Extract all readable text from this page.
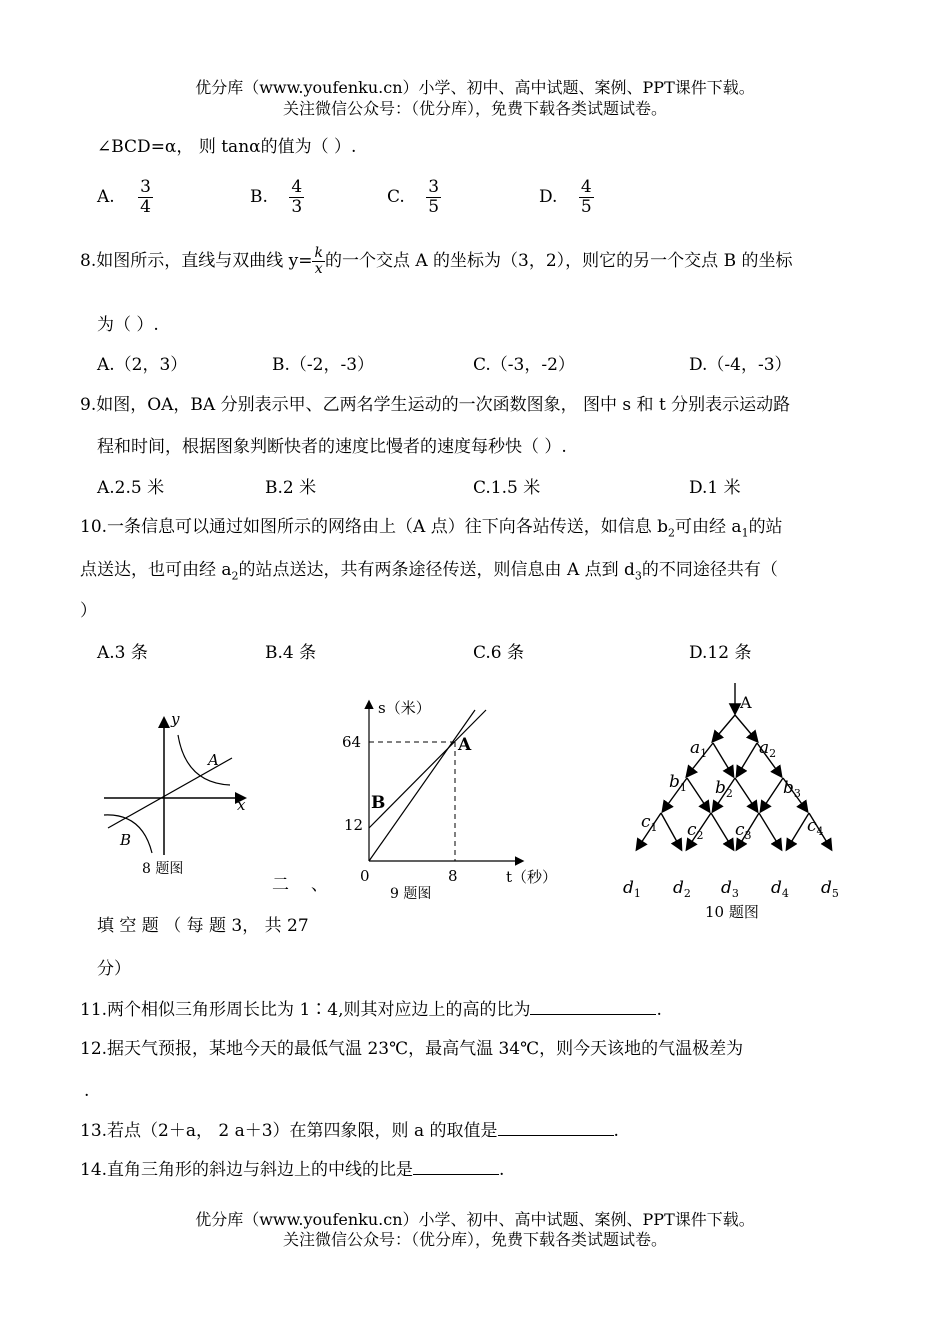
优分库（www.youfenku.cn）小学、初中、高中试题、案例、PPT课件下载。
关注微信公众号：（优分库），免费下载各类试题试卷。
∠BCD=α， 则 tanα的值为（ ）.
A. $\frac{3}{4}$	B. $\frac{4}{3}$	C. $\frac{3}{5}$	D. $\frac{4}{5}$
8.如图所示，直线与双曲线 $y= \frac{k}{x}$ 的一个交点 A 的坐标为（3，2），则它的另一个交点 B 的坐标
为（ ）.
A.（2，3）	B.（-2，-3）	C.（-3，-2）	D.（-4，-3）
9.如图，OA，BA 分别表示甲、乙两名学生运动的一次函数图象， 图中 s 和 t 分别表示运动路
程和时间，根据图象判断快者的速度比慢者的速度每秒快（ ）.
A.2.5 米	B.2 米	C.1.5 米	D.1 米
10.一条信息可以通过如图所示的网络由上（A 点）往下向各站传送，如信息 $b_2$可由经 $a_1$的站
点送达，也可由经 $a_2$的站点送达，共有两条途径传送，则信息由 A 点到 $d_3$的不同途径共有（
）
A.3 条	B.4 条	C.6 条	D.12 条
y
x
A
B
8 题图
s（米）
t（秒）
0
64
12
8
A
B
9 题图
二 、
A
$a_1$	$a_2$
$b_1$ $b_2$	$b_3$
$c_1$ $c_2$ $c_3$	$c_4$
$d_1$ $d_2$ $d_3$ $d_4$ $d_5$
10 题图
填 空 题 （ 每 题 3， 共 27
分）
11.两个相似三角形周长比为 1∶4,则其对应边上的高的比为	.
12.据天气预报，某地今天的最低气温 23℃，最高气温 34℃，则今天该地的气温极差为
.
13.若点（2＋a， 2 a＋3）在第四象限，则 a 的取值是	.
14.直角三角形的斜边与斜边上的中线的比是	.
优分库（www.youfenku.cn）小学、初中、高中试题、案例、PPT课件下载。
关注微信公众号：（优分库），免费下载各类试题试卷。
